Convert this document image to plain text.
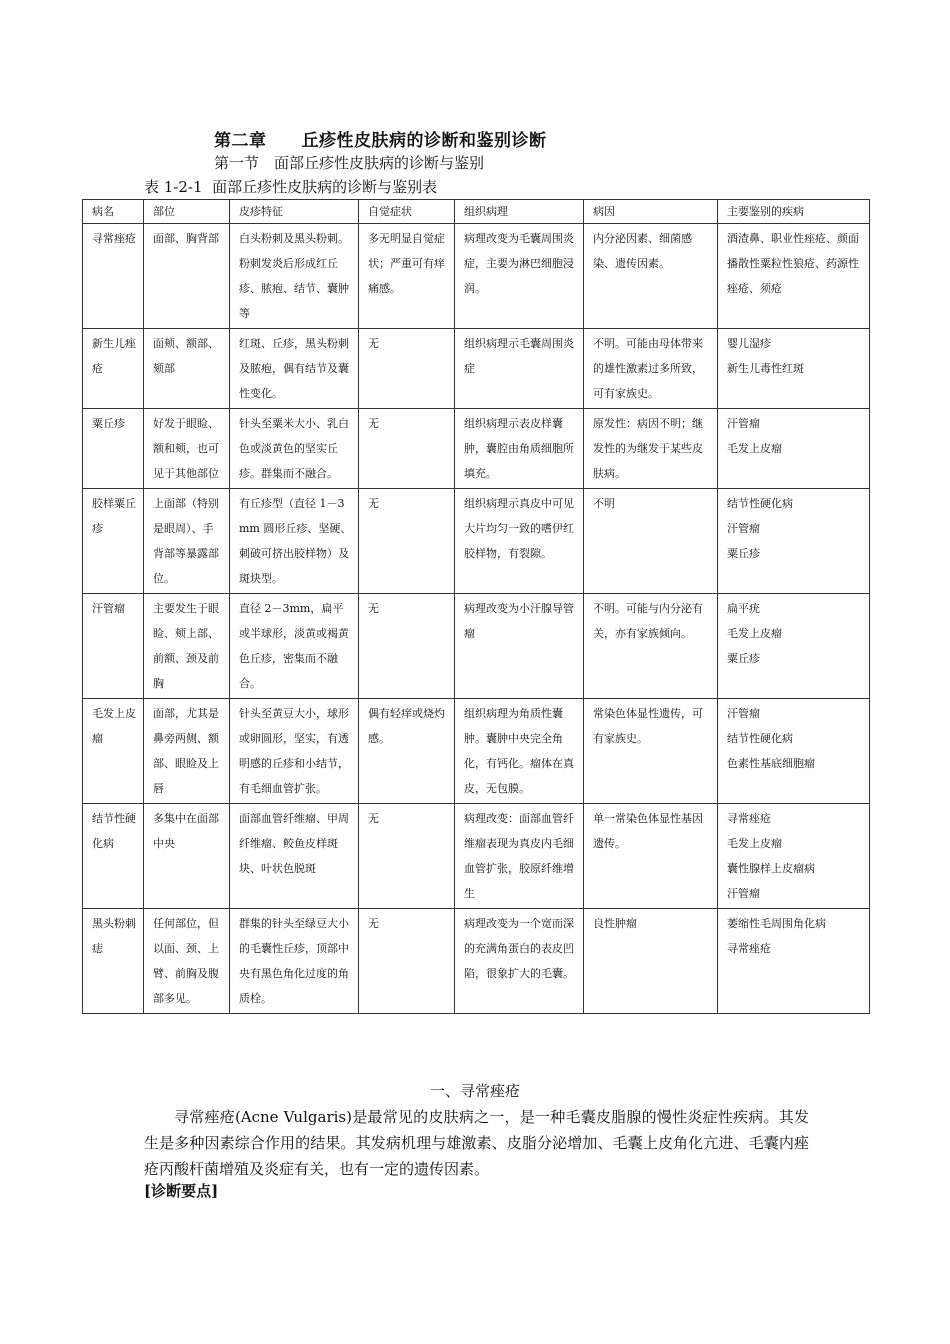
第二章　　丘疹性皮肤病的诊断和鉴别诊断
第一节　面部丘疹性皮肤病的诊断与鉴别
表 1-2-1  面部丘疹性皮肤病的诊断与鉴别表
病名	部位	皮疹特征	自觉症状	组织病理	病因	主要鉴别的疾病
寻常痤疮	面部、胸背部	白头粉刺及黑头粉刺。粉刺发炎后形成红丘疹、脓疱、结节、囊肿等	多无明显自觉症状；严重可有痒痛感。	病理改变为毛囊周围炎症，主要为淋巴细胞浸润。	内分泌因素、细菌感染、遗传因素。	酒渣鼻、职业性痤疮、颜面播散性粟粒性狼疮、药源性痤疮、须疮

新生儿痤疮	面颊、额部、颏部	红斑、丘疹，黑头粉刺及脓疱，偶有结节及囊性变化。	无	组织病理示毛囊周围炎症	不明。可能由母体带来的雄性激素过多所致，可有家族史。	婴儿湿疹
新生儿毒性红斑

粟丘疹	好发于眼睑、额和颊，也可见于其他部位	针头至粟米大小、乳白色或淡黄色的坚实丘疹。群集而不融合。	无	组织病理示表皮样囊肿，囊腔由角质细胞所填充。	原发性：病因不明；继发性的为继发于某些皮肤病。	汗管瘤
毛发上皮瘤

胶样粟丘疹	上面部（特别是眼周）、手背部等暴露部位。	有丘疹型（直径 1－3mm 圆形丘疹、坚硬、刺破可挤出胶样物）及斑块型。	无	组织病理示真皮中可见大片均匀一致的嗜伊红胶样物，有裂隙。	不明	结节性硬化病
汗管瘤
粟丘疹

汗管瘤	主要发生于眼睑、颊上部、前额、颈及前胸	直径 2－3mm，扁平或半球形，淡黄或褐黄色丘疹，密集而不融合。	无	病理改变为小汗腺导管瘤	不明。可能与内分泌有关，亦有家族倾向。	扁平疣
毛发上皮瘤
粟丘疹

毛发上皮瘤	面部，尤其是鼻旁两侧、额部、眼睑及上唇	针头至黄豆大小，球形或卵圆形，坚实，有透明感的丘疹和小结节，有毛细血管扩张。	偶有轻痒或烧灼感。	组织病理为角质性囊肿。囊肿中央完全角化，有钙化。瘤体在真皮，无包膜。	常染色体显性遗传，可有家族史。	汗管瘤
结节性硬化病
色素性基底细胞瘤

结节性硬化病	多集中在面部中央	面部血管纤维瘤、甲周纤维瘤、鲛鱼皮样斑块、叶状色脱斑	无	病理改变：面部血管纤维瘤表现为真皮内毛细血管扩张，胶原纤维增生	单一常染色体显性基因遗传。	寻常痤疮
毛发上皮瘤
囊性腺样上皮瘤病
汗管瘤

黑头粉刺痣	任何部位，但以面、颈、上臂、前胸及腹部多见。	群集的针头至绿豆大小的毛囊性丘疹，顶部中央有黑色角化过度的角质栓。	无	病理改变为一个宽而深的充满角蛋白的表皮凹陷，很象扩大的毛囊。	良性肿瘤	萎缩性毛周围角化病
寻常痤疮
一、寻常痤疮
寻常痤疮(Acne Vulgaris)是最常见的皮肤病之一，是一种毛囊皮脂腺的慢性炎症性疾病。其发生是多种因素综合作用的结果。其发病机理与雄激素、皮脂分泌增加、毛囊上皮角化亢进、毛囊内痤疮丙酸杆菌增殖及炎症有关，也有一定的遗传因素。
[诊断要点]
